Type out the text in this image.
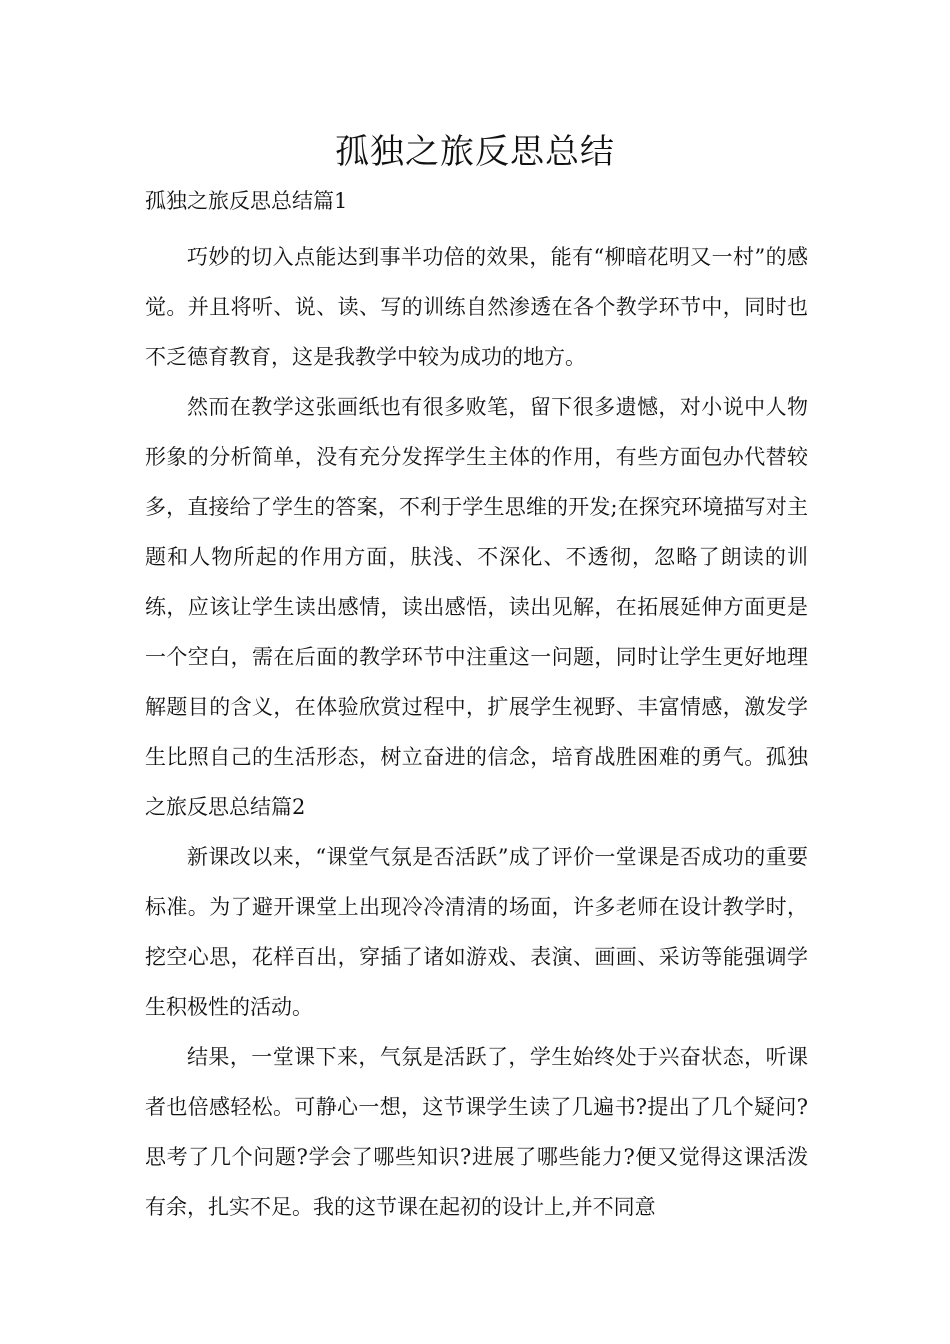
孤独之旅反思总结
孤独之旅反思总结篇1

巧妙的切入点能达到事半功倍的效果，能有“柳暗花明又一村”的感觉。并且将听、说、读、写的训练自然渗透在各个教学环节中，同时也不乏德育教育，这是我教学中较为成功的地方。

然而在教学这张画纸也有很多败笔，留下很多遗憾，对小说中人物形象的分析简单，没有充分发挥学生主体的作用，有些方面包办代替较多，直接给了学生的答案，不利于学生思维的开发;在探究环境描写对主题和人物所起的作用方面，肤浅、不深化、不透彻，忽略了朗读的训练，应该让学生读出感情，读出感悟，读出见解，在拓展延伸方面更是一个空白，需在后面的教学环节中注重这一问题，同时让学生更好地理解题目的含义，在体验欣赏过程中，扩展学生视野、丰富情感，激发学生比照自己的生活形态，树立奋进的信念，培育战胜困难的勇气。孤独之旅反思总结篇2

新课改以来，“课堂气氛是否活跃”成了评价一堂课是否成功的重要标准。为了避开课堂上出现冷冷清清的场面，许多老师在设计教学时，挖空心思，花样百出，穿插了诸如游戏、表演、画画、采访等能强调学生积极性的活动。

结果，一堂课下来，气氛是活跃了，学生始终处于兴奋状态，听课者也倍感轻松。可静心一想，这节课学生读了几遍书?提出了几个疑问?思考了几个问题?学会了哪些知识?进展了哪些能力?便又觉得这课活泼有余，扎实不足。我的这节课在起初的设计上,并不同意
